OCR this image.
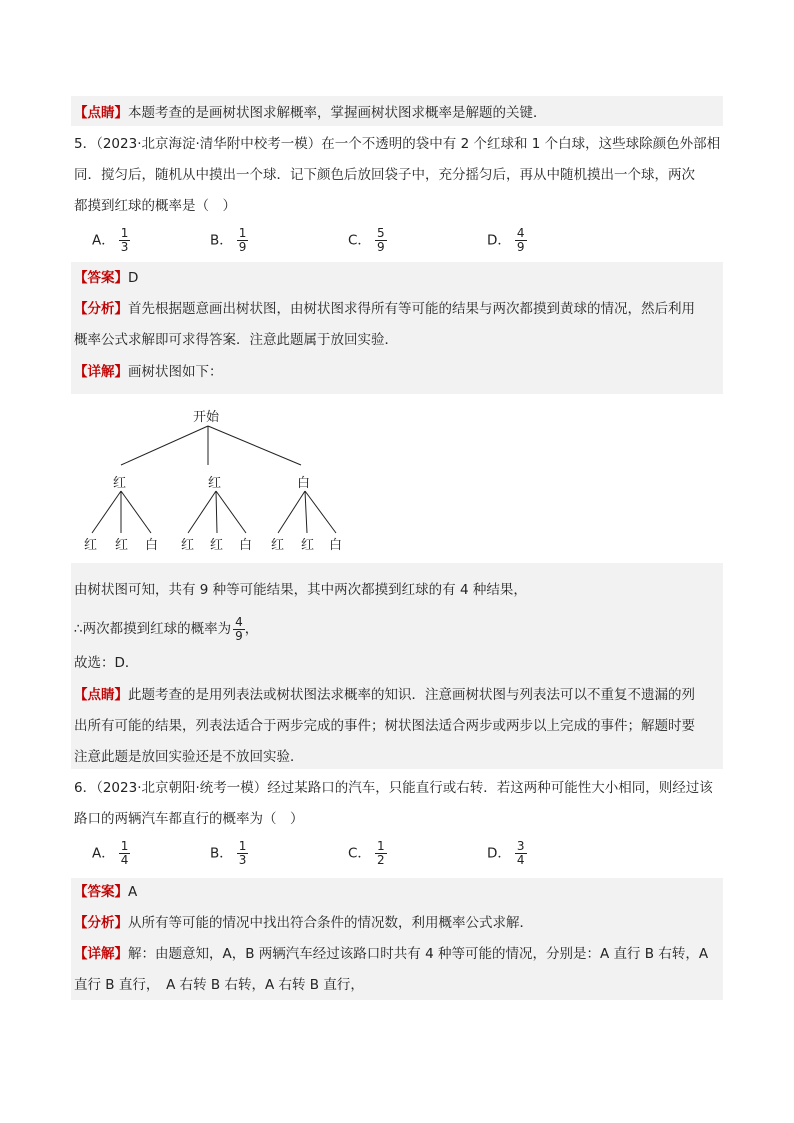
【点睛】本题考查的是画树状图求解概率，掌握画树状图求概率是解题的关键．
5．（2023·北京海淀·清华附中校考一模）在一个不透明的袋中有 2 个红球和 1 个白球，这些球除颜色外部相
同．搅匀后，随机从中摸出一个球．记下颜色后放回袋子中，充分摇匀后，再从中随机摸出一个球，两次
都摸到红球的概率是（　）
A． $\frac{1}{3}$	B． $\frac{1}{9}$	C． $\frac{5}{9}$	D． $\frac{4}{9}$
【答案】D
【分析】首先根据题意画出树状图，由树状图求得所有等可能的结果与两次都摸到黄球的情况，然后利用
概率公式求解即可求得答案．注意此题属于放回实验．
【详解】画树状图如下：
开始
红	红	白
红 红 白 红 红 白 红 红 白
由树状图可知，共有 9 种等可能结果，其中两次都摸到红球的有 4 种结果，
∴两次都摸到红球的概率为 $\frac{4}{9}$ ，
故选：D．
【点睛】此题考查的是用列表法或树状图法求概率的知识．注意画树状图与列表法可以不重复不遗漏的列
出所有可能的结果，列表法适合于两步完成的事件；树状图法适合两步或两步以上完成的事件；解题时要
注意此题是放回实验还是不放回实验．
6．（2023·北京朝阳·统考一模）经过某路口的汽车，只能直行或右转．若这两种可能性大小相同，则经过该
路口的两辆汽车都直行的概率为（　）
A． $\frac{1}{4}$	B． $\frac{1}{3}$	C． $\frac{1}{2}$	D． $\frac{3}{4}$
【答案】A
【分析】从所有等可能的情况中找出符合条件的情况数，利用概率公式求解．
【详解】解：由题意知，A，B 两辆汽车经过该路口时共有 4 种等可能的情况，分别是：A 直行 B 右转，A
直行 B 直行，　A 右转 B 右转，A 右转 B 直行，
